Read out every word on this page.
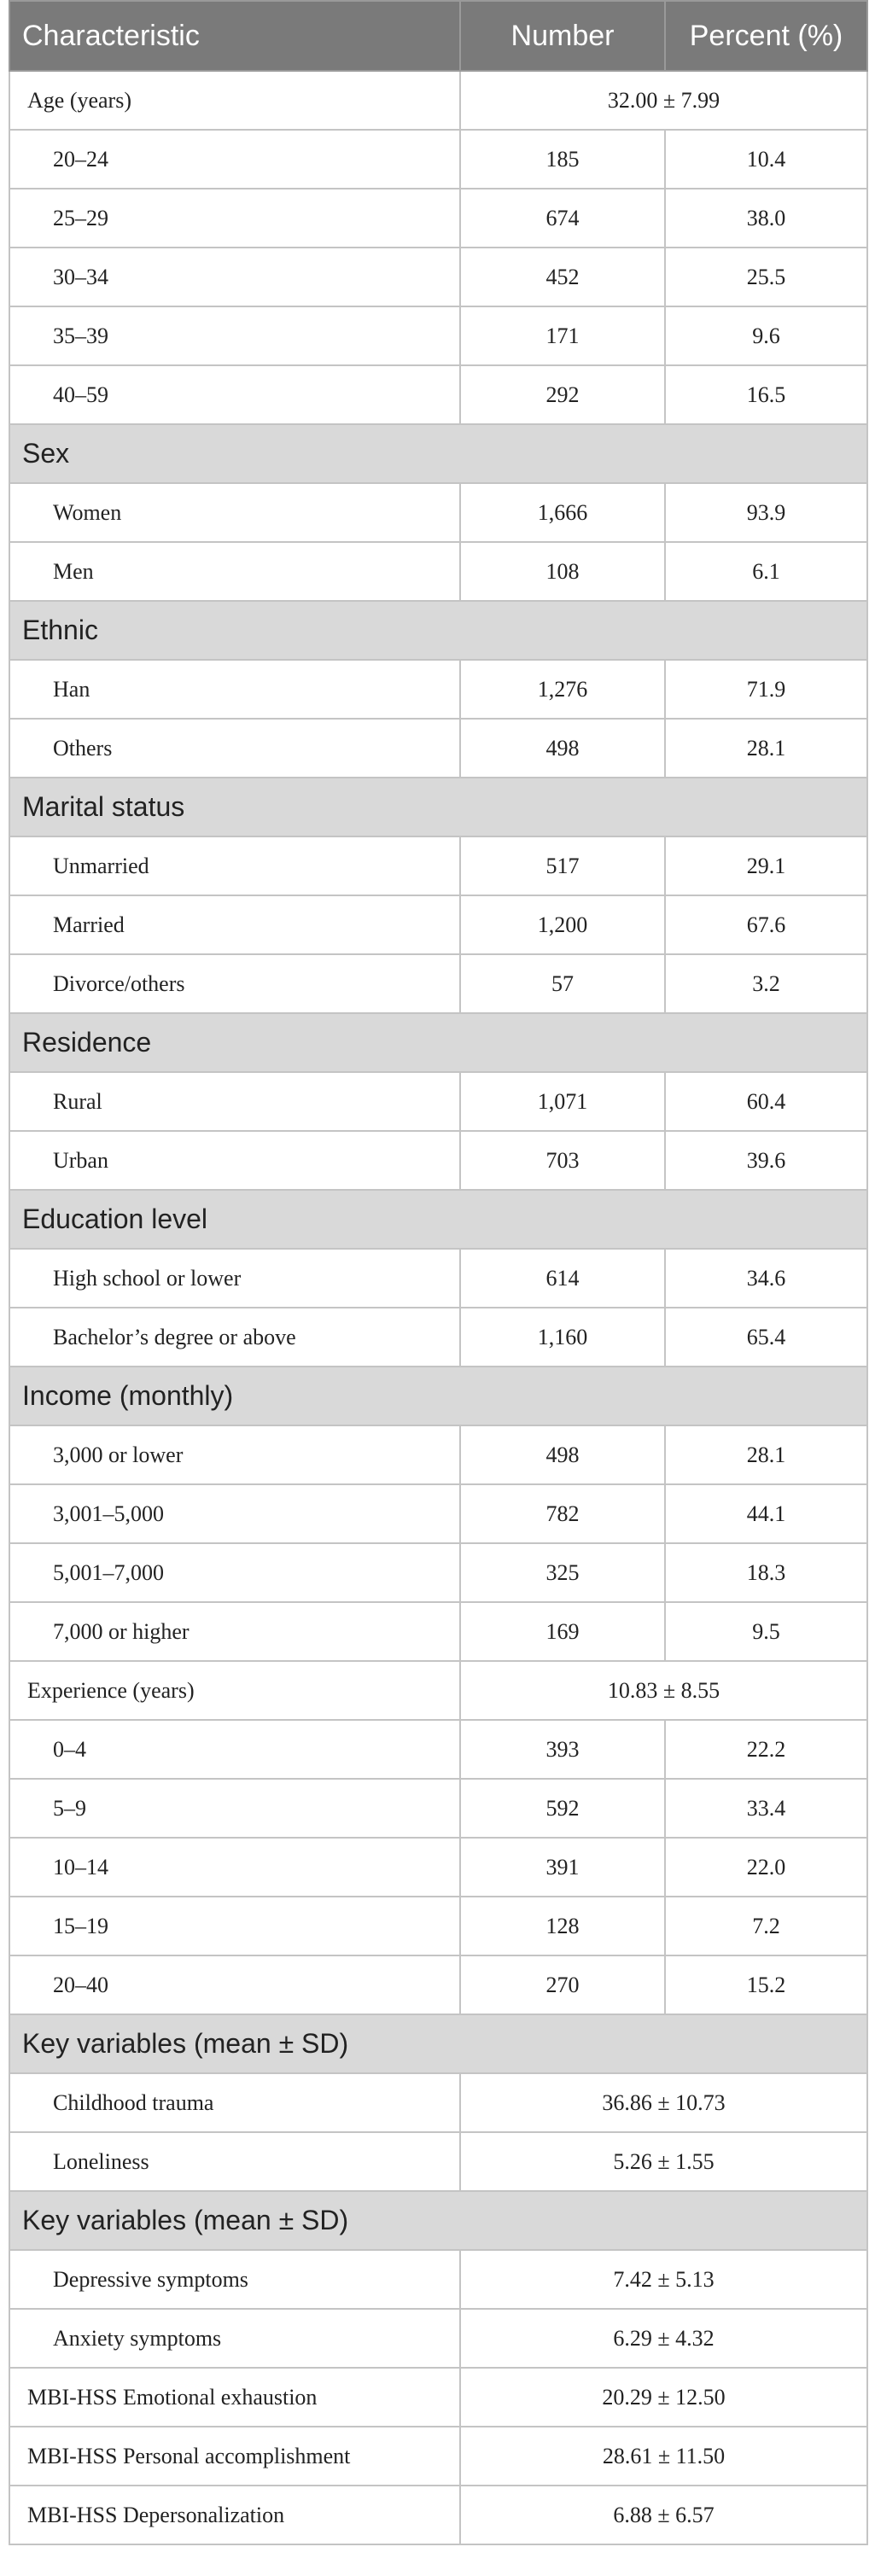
Characteristic	Number	Percent (%)
Age (years)	32.00 ± 7.99	
20–24	185	10.4
25–29	674	38.0
30–34	452	25.5
35–39	171	9.6
40–59	292	16.5
Sex		
Women	1,666	93.9
Men	108	6.1
Ethnic		
Han	1,276	71.9
Others	498	28.1
Marital status		
Unmarried	517	29.1
Married	1,200	67.6
Divorce/others	57	3.2
Residence		
Rural	1,071	60.4
Urban	703	39.6
Education level		
High school or lower	614	34.6
Bachelor’s degree or above	1,160	65.4
Income (monthly)		
3,000 or lower	498	28.1
3,001–5,000	782	44.1
5,001–7,000	325	18.3
7,000 or higher	169	9.5
Experience (years)	10.83 ± 8.55	
0–4	393	22.2
5–9	592	33.4
10–14	391	22.0
15–19	128	7.2
20–40	270	15.2
Key variables (mean ± SD)		
Childhood trauma	36.86 ± 10.73	
Loneliness	5.26 ± 1.55	
Key variables (mean ± SD)		
Depressive symptoms	7.42 ± 5.13	
Anxiety symptoms	6.29 ± 4.32	
MBI-HSS Emotional exhaustion	20.29 ± 12.50	
MBI-HSS Personal accomplishment	28.61 ± 11.50	
MBI-HSS Depersonalization	6.88 ± 6.57	
